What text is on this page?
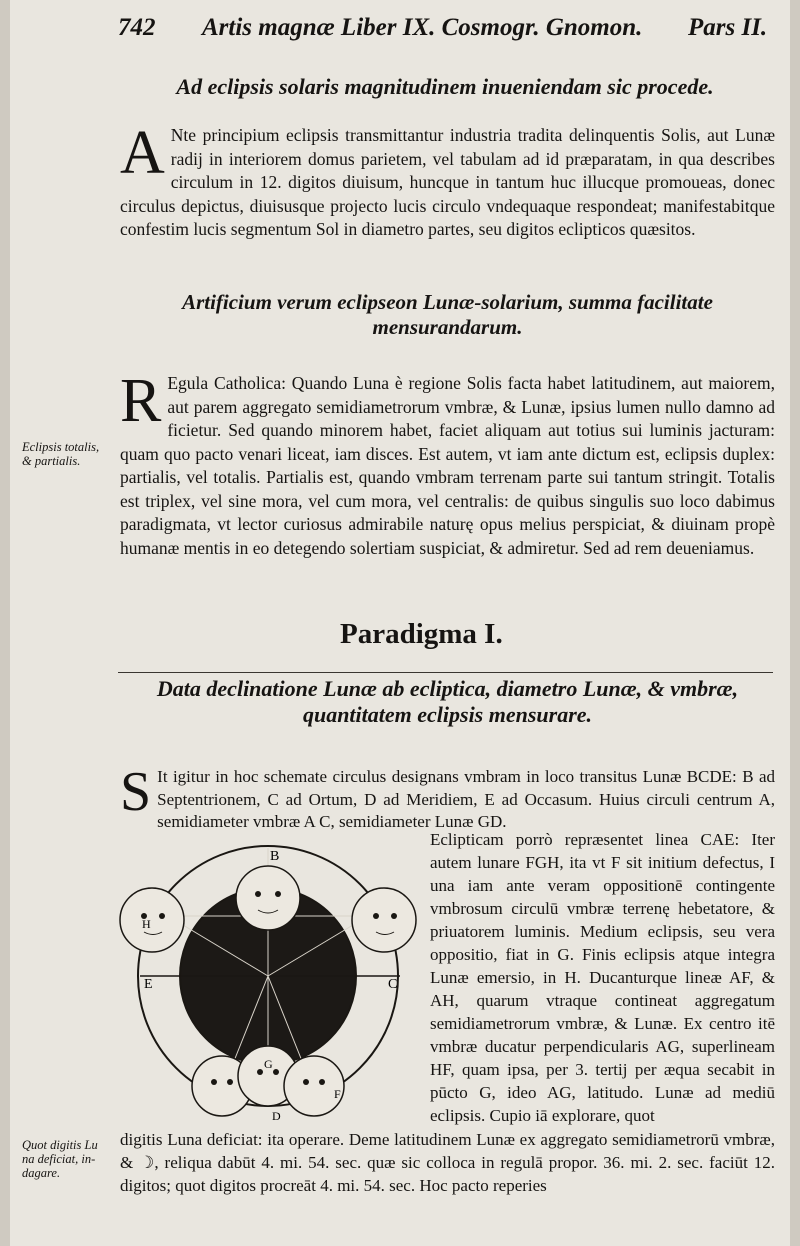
742 Artis magnæ Liber IX. Cosmogr. Gnomon. Pars II.
Ad eclipsis solaris magnitudinem inueniendam sic procede.

A Nte principium eclipsis transmittantur industria tradita delinquentis Solis, aut Lunæ radij in interiorem domus parietem, vel tabulam ad id præparatam, in qua describes circulum in 12. digitos diuisum, huncque in tantum huc illucque promoueas, donec circulus depictus, diuisusque projecto lucis circulo vndequaque respondeat; manifestabitque confestim lucis segmentum Sol in diametro partes, seu digitos eclipticos quæsitos.

Artificium verum eclipseon Lunæ-solarium, summa facilitate
mensurandarum.

R Egula Catholica: Quando Luna è regione Solis facta habet latitudinem, aut maiorem, aut parem aggregato semidiametrorum vmbræ, & Lunæ, ipsius lumen nullo damno ad ficietur. Sed quando minorem habet, faciet aliquam aut totius sui luminis jacturam: quam quo pacto venari liceat, iam disces. Est autem, vt iam ante dictum est, eclipsis duplex: partialis, vel totalis. Partialis est, quando vmbram terrenam parte sui tantum stringit. Totalis est triplex, vel sine mora, vel cum mora, vel centralis: de quibus singulis suo loco dabimus paradigmata, vt lector curiosus admirabile naturę opus melius perspiciat, & diuinam propè humanæ mentis in eo detegendo solertiam suspiciat, & admiretur. Sed ad rem deueniamus.

Eclipsis totalis,
& partialis.
Paradigma I.
Data declinatione Lunæ ab ecliptica, diametro Lunæ, & vmbræ,
quantitatem eclipsis mensurare.

S It igitur in hoc schemate circulus designans vmbram in loco transitus Lunæ BCDE: B ad Septentrionem, C ad Ortum, D ad Meridiem, E ad Occasum. Huius circuli centrum A, semidiameter vmbræ A C, semidiameter Lunæ GD.

B
C
D
E
H
F
G

Eclipticam porrò repræsentet linea CAE: Iter autem lunare FGH, ita vt F sit initium defectus, I una iam ante veram oppositionē contingente vmbrosum circulū vmbræ terrenę hebetatore, & priuatorem luminis. Medium eclipsis, seu vera oppositio, fiat in G. Finis eclipsis atque integra Lunæ emersio, in H. Ducanturque lineæ AF, & AH, quarum vtraque contineat aggregatum semidiametrorum vmbræ, & Lunæ. Ex centro itē vmbræ ducatur perpendicularis AG, superlineam HF, quam ipsa, per 3. tertij per æqua secabit in pūcto G, ideo AG, latitudo. Lunæ ad mediū eclipsis. Cupio iā explorare, quot

Quot digitis Lu
na deficiat, in-
dagare.

digitis Luna deficiat: ita operare. Deme latitudinem Lunæ ex aggregato semidiametrorū vmbræ, & ☽, reliqua dabūt 4. mi. 54. sec. quæ sic colloca in regulā propor. 36. mi. 2. sec. faciūt 12. digitos; quot digitos procreāt 4. mi. 54. sec. Hoc pacto reperies
